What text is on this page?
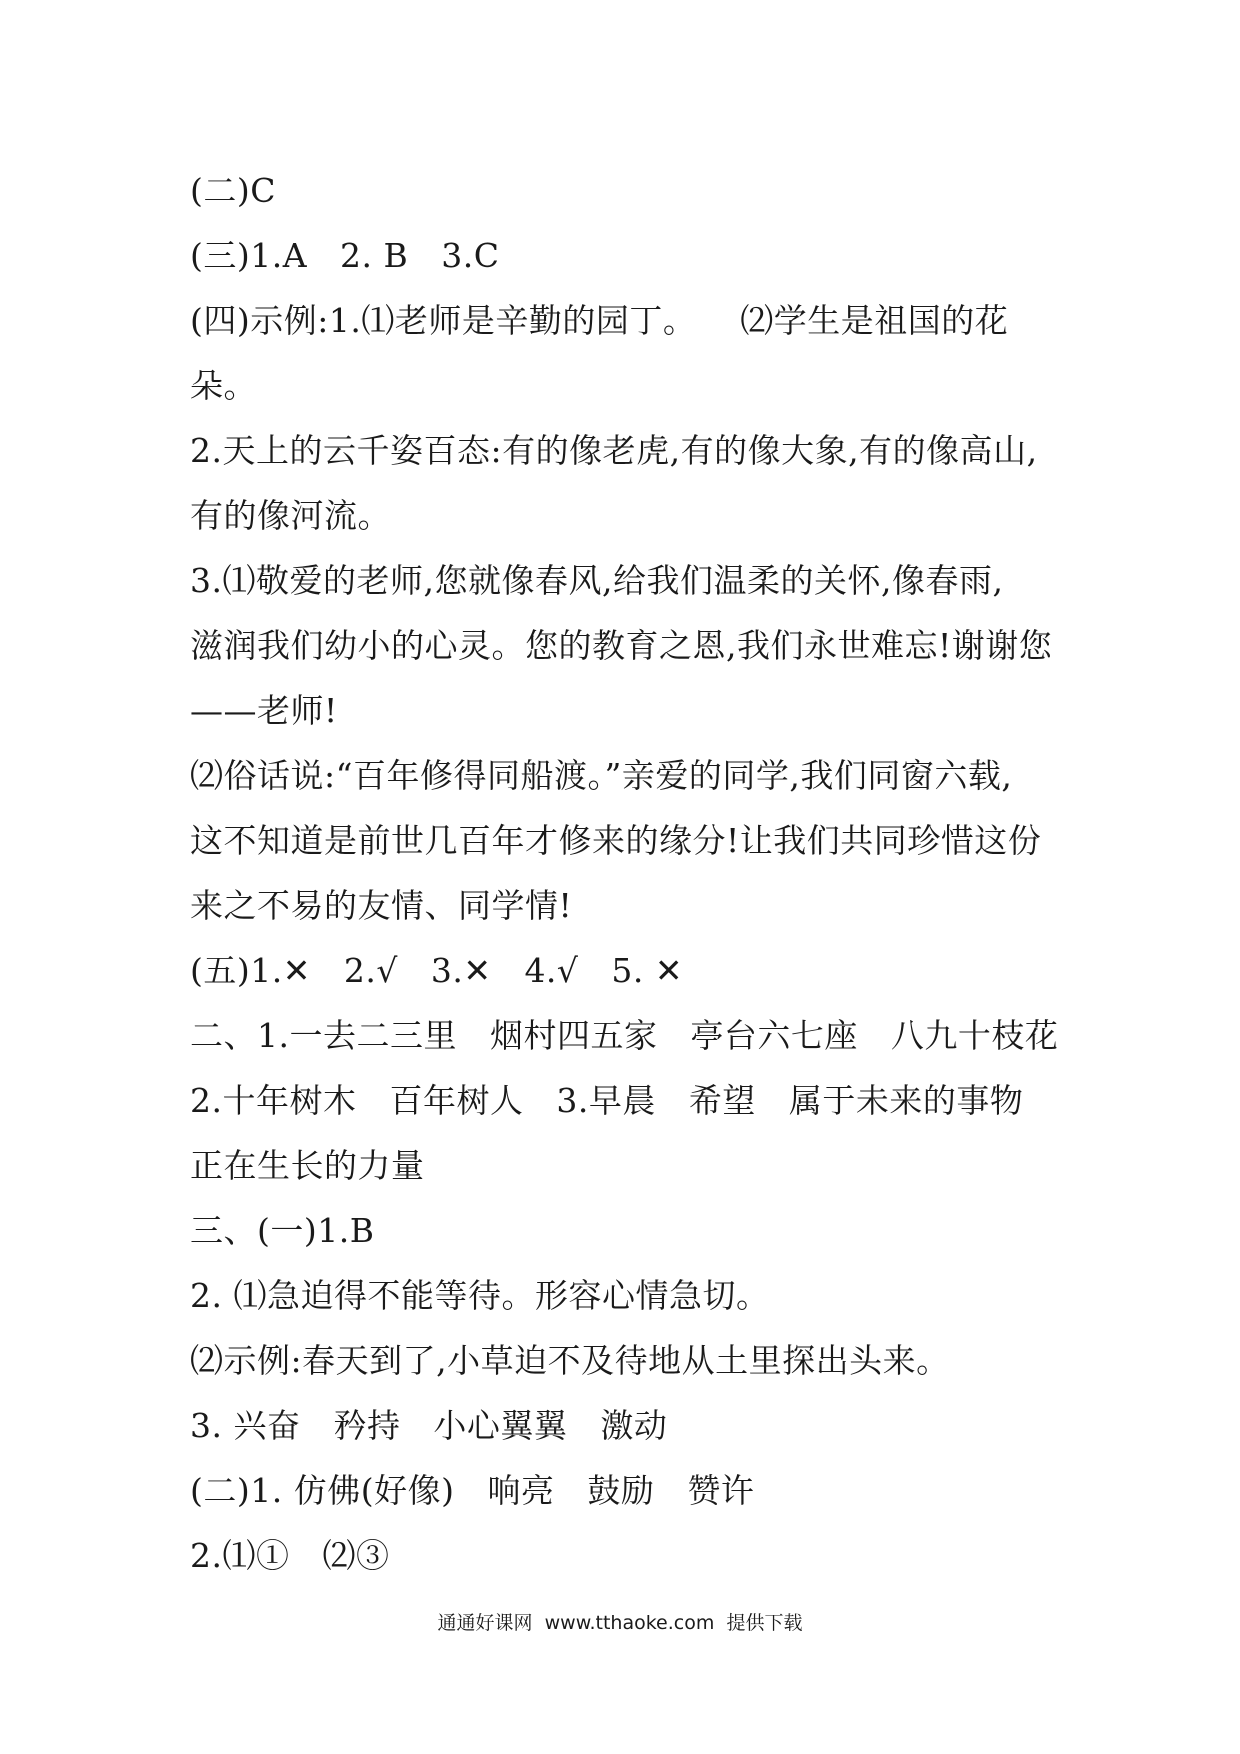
(二)C
(三)1.A   2. B   3.C
(四)示例:1.⑴老师是辛勤的园丁。    ⑵学生是祖国的花
朵。
2.天上的云千姿百态:有的像老虎,有的像大象,有的像高山,
有的像河流。
3.⑴敬爱的老师,您就像春风,给我们温柔的关怀,像春雨,
滋润我们幼小的心灵。您的教育之恩,我们永世难忘!谢谢您
——老师!
⑵俗话说:“百年修得同船渡。”亲爱的同学,我们同窗六载,
这不知道是前世几百年才修来的缘分!让我们共同珍惜这份
来之不易的友情、同学情!
(五)1.✕   2.√   3.✕   4.√   5. ✕
二、1.一去二三里   烟村四五家   亭台六七座   八九十枝花
2.十年树木   百年树人   3.早晨   希望   属于未来的事物
正在生长的力量
三、(一)1.B
2. ⑴急迫得不能等待。形容心情急切。
⑵示例:春天到了,小草迫不及待地从土里探出头来。
3. 兴奋   矜持   小心翼翼   激动
(二)1. 仿佛(好像)   响亮   鼓励   赞许
2.⑴①   ⑵③
通通好课网  www.tthaoke.com  提供下载
